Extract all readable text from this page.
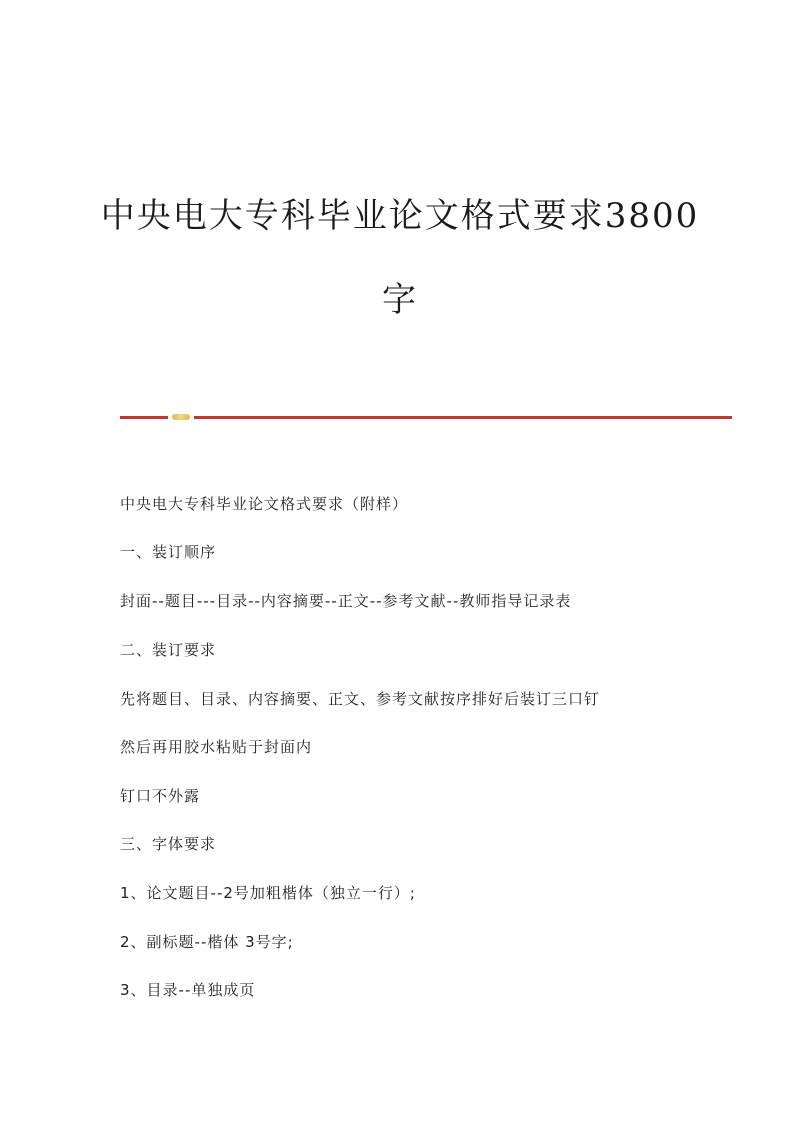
中央电大专科毕业论文格式要求3800
字

中央电大专科毕业论文格式要求（附样）

一、装订顺序

封面--题目---目录--内容摘要--正文--参考文献--教师指导记录表

二、装订要求

先将题目、目录、内容摘要、正文、参考文献按序排好后装订三口钉

然后再用胶水粘贴于封面内

钉口不外露

三、字体要求

1、论文题目--2号加粗楷体（独立一行）;

2、副标题--楷体 3号字;

3、目录--单独成页
